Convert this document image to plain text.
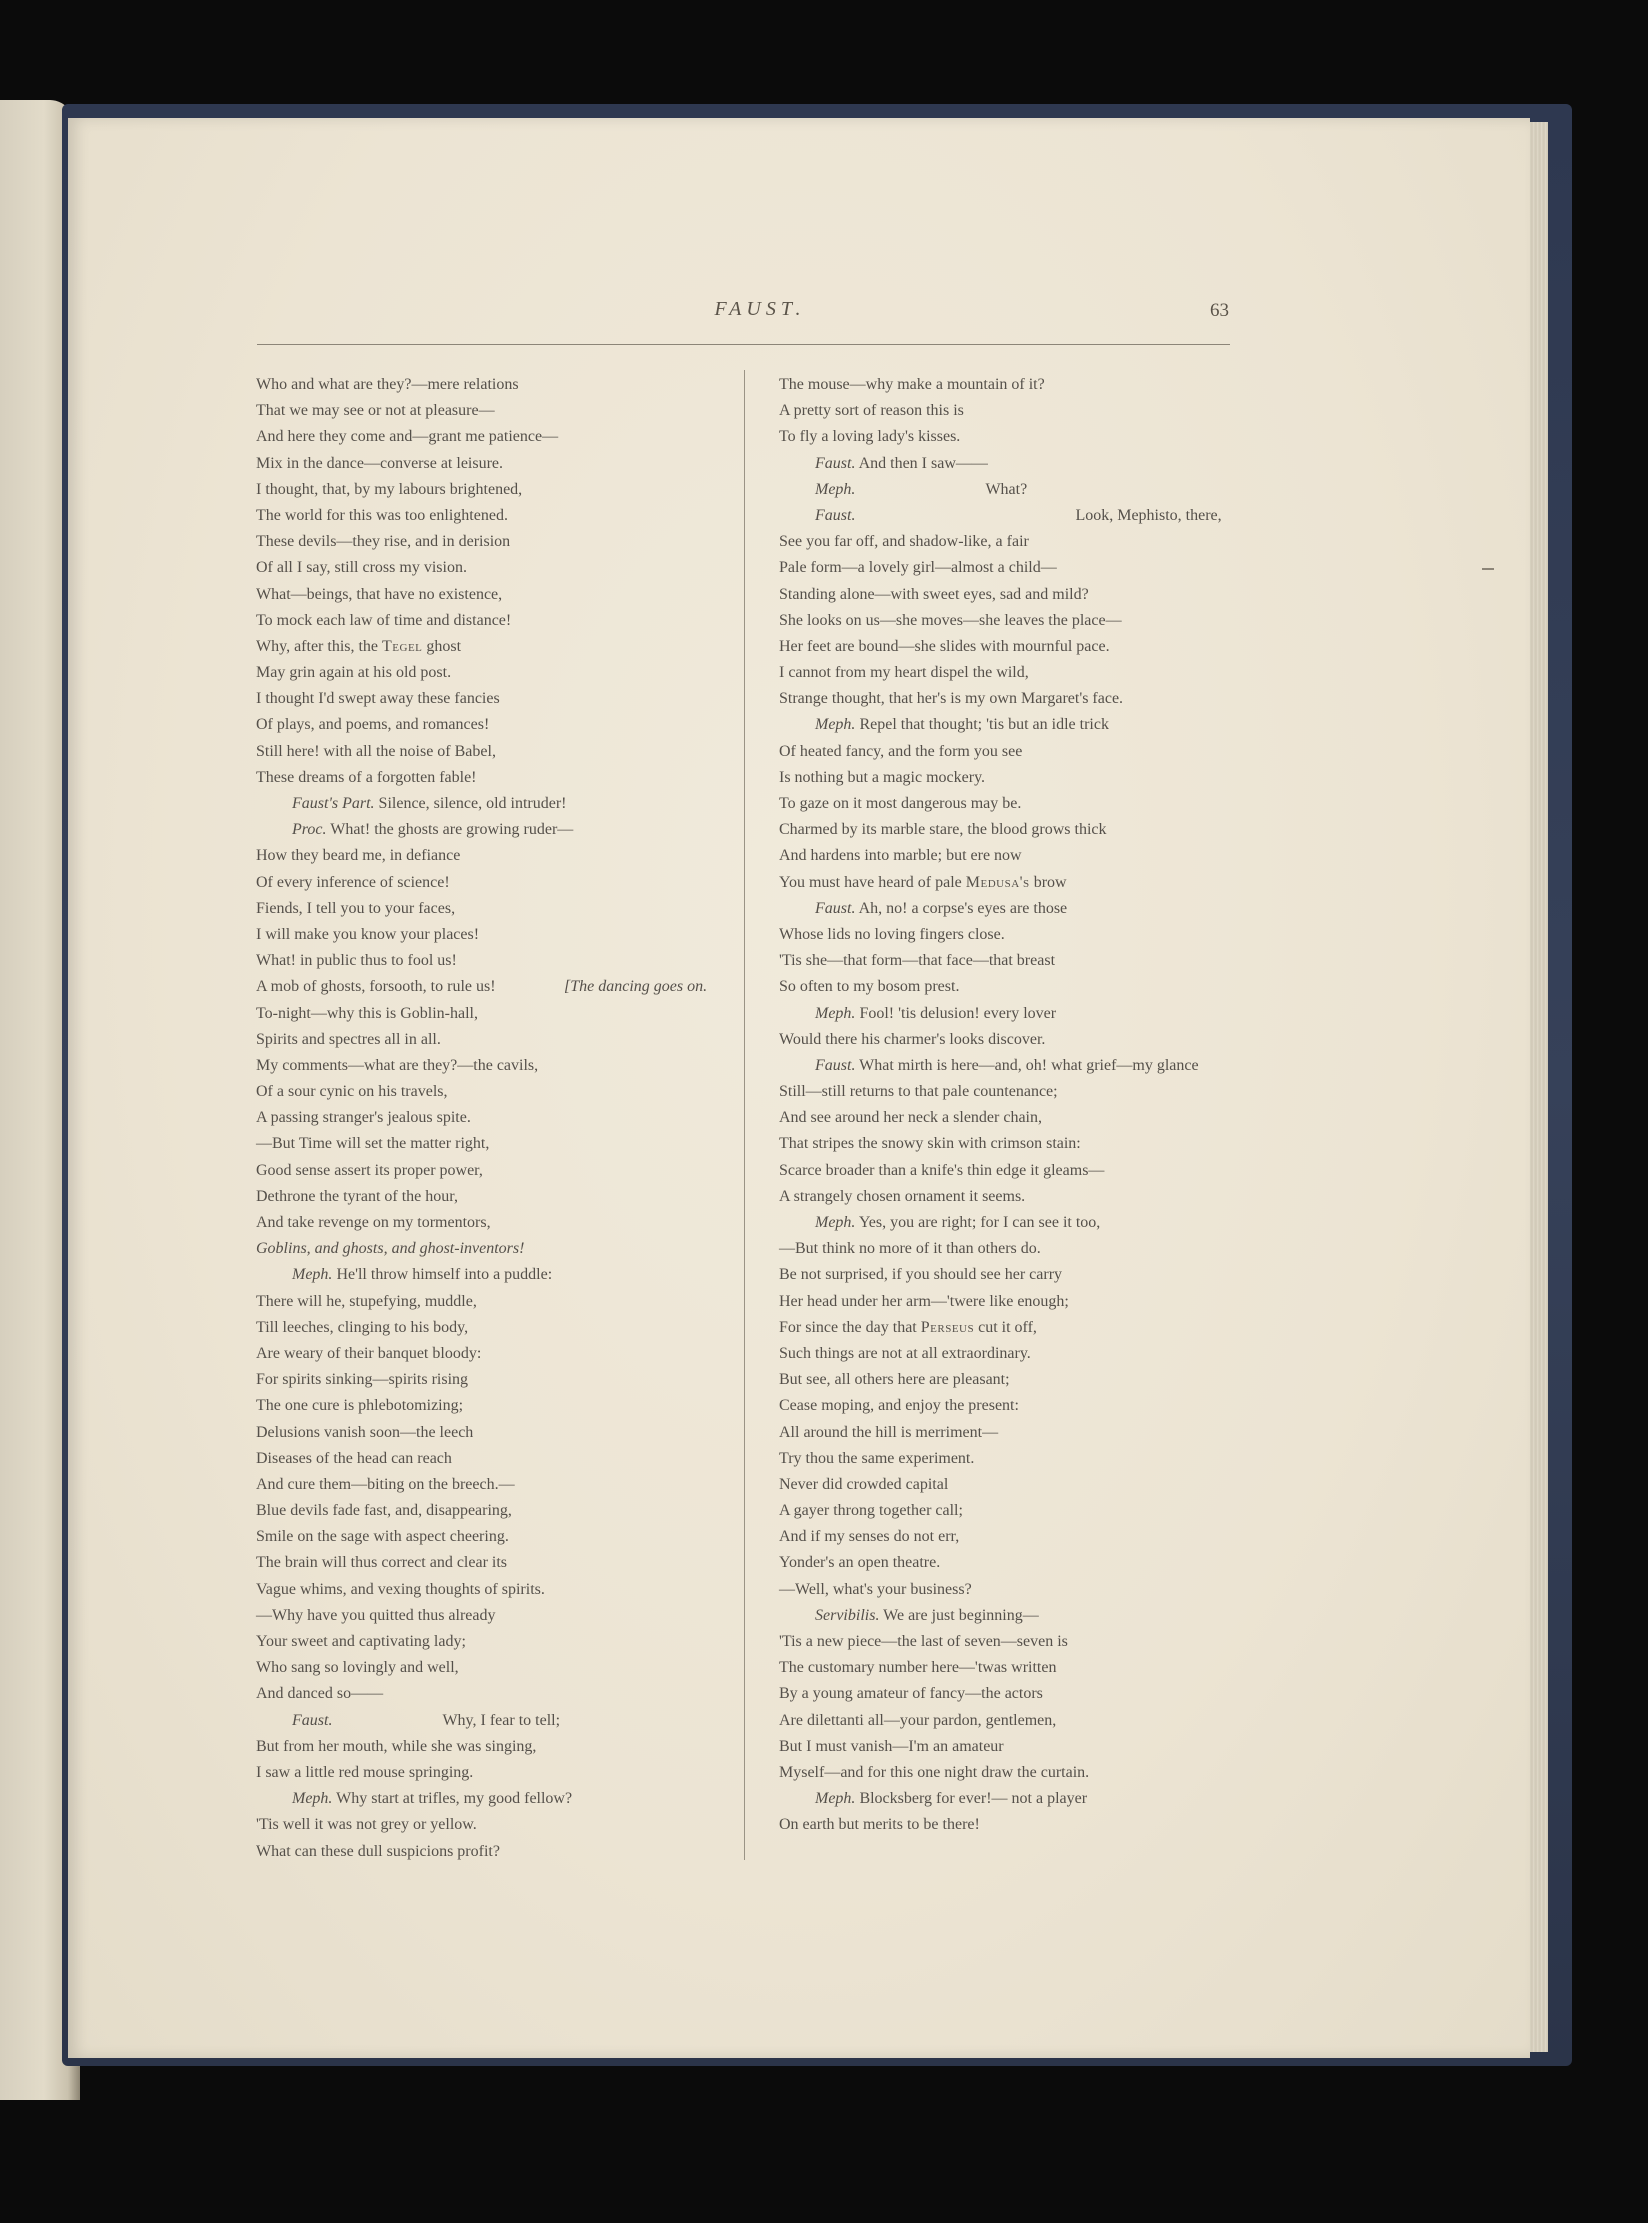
FAUST.	63
Who and what are they?—mere relations
That we may see or not at pleasure—
And here they come and—grant me patience—
Mix in the dance—converse at leisure.
I thought, that, by my labours brightened,
The world for this was too enlightened.
These devils—they rise, and in derision
Of all I say, still cross my vision.
What—beings, that have no existence,
To mock each law of time and distance!
Why, after this, the Tegel ghost
May grin again at his old post.
I thought I'd swept away these fancies
Of plays, and poems, and romances!
Still here! with all the noise of Babel,
These dreams of a forgotten fable!
Faust's Part. Silence, silence, old intruder!
Proc. What! the ghosts are growing ruder—
How they beard me, in defiance
Of every inference of science!
Fiends, I tell you to your faces,
I will make you know your places!
What! in public thus to fool us!
A mob of ghosts, forsooth, to rule us!	[The dancing goes on.
To-night—why this is Goblin-hall,
Spirits and spectres all in all.
My comments—what are they?—the cavils,
Of a sour cynic on his travels,
A passing stranger's jealous spite.
—But Time will set the matter right,
Good sense assert its proper power,
Dethrone the tyrant of the hour,
And take revenge on my tormentors,
Goblins, and ghosts, and ghost-inventors!
Meph. He'll throw himself into a puddle:
There will he, stupefying, muddle,
Till leeches, clinging to his body,
Are weary of their banquet bloody:
For spirits sinking—spirits rising
The one cure is phlebotomizing;
Delusions vanish soon—the leech
Diseases of the head can reach
And cure them—biting on the breech.—
Blue devils fade fast, and, disappearing,
Smile on the sage with aspect cheering.
The brain will thus correct and clear its
Vague whims, and vexing thoughts of spirits.
—Why have you quitted thus already
Your sweet and captivating lady;
Who sang so lovingly and well,
And danced so——
Faust.	Why, I fear to tell;
But from her mouth, while she was singing,
I saw a little red mouse springing.
Meph. Why start at trifles, my good fellow?
'Tis well it was not grey or yellow.
What can these dull suspicions profit?
The mouse—why make a mountain of it?
A pretty sort of reason this is
To fly a loving lady's kisses.
Faust. And then I saw——
Meph.	What?
Faust.	Look, Mephisto, there,
See you far off, and shadow-like, a fair
Pale form—a lovely girl—almost a child—
Standing alone—with sweet eyes, sad and mild?
She looks on us—she moves—she leaves the place—
Her feet are bound—she slides with mournful pace.
I cannot from my heart dispel the wild,
Strange thought, that her's is my own Margaret's face.
Meph. Repel that thought; 'tis but an idle trick
Of heated fancy, and the form you see
Is nothing but a magic mockery.
To gaze on it most dangerous may be.
Charmed by its marble stare, the blood grows thick
And hardens into marble; but ere now
You must have heard of pale Medusa's brow
Faust. Ah, no! a corpse's eyes are those
Whose lids no loving fingers close.
'Tis she—that form—that face—that breast
So often to my bosom prest.
Meph. Fool! 'tis delusion! every lover
Would there his charmer's looks discover.
Faust. What mirth is here—and, oh! what grief—my glance
Still—still returns to that pale countenance;
And see around her neck a slender chain,
That stripes the snowy skin with crimson stain:
Scarce broader than a knife's thin edge it gleams—
A strangely chosen ornament it seems.
Meph. Yes, you are right; for I can see it too,
—But think no more of it than others do.
Be not surprised, if you should see her carry
Her head under her arm—'twere like enough;
For since the day that Perseus cut it off,
Such things are not at all extraordinary.
But see, all others here are pleasant;
Cease moping, and enjoy the present:
All around the hill is merriment—
Try thou the same experiment.
Never did crowded capital
A gayer throng together call;
And if my senses do not err,
Yonder's an open theatre.
—Well, what's your business?
Servibilis. We are just beginning—
'Tis a new piece—the last of seven—seven is
The customary number here—'twas written
By a young amateur of fancy—the actors
Are dilettanti all—your pardon, gentlemen,
But I must vanish—I'm an amateur
Myself—and for this one night draw the curtain.
Meph. Blocksberg for ever!— not a player
On earth but merits to be there!
